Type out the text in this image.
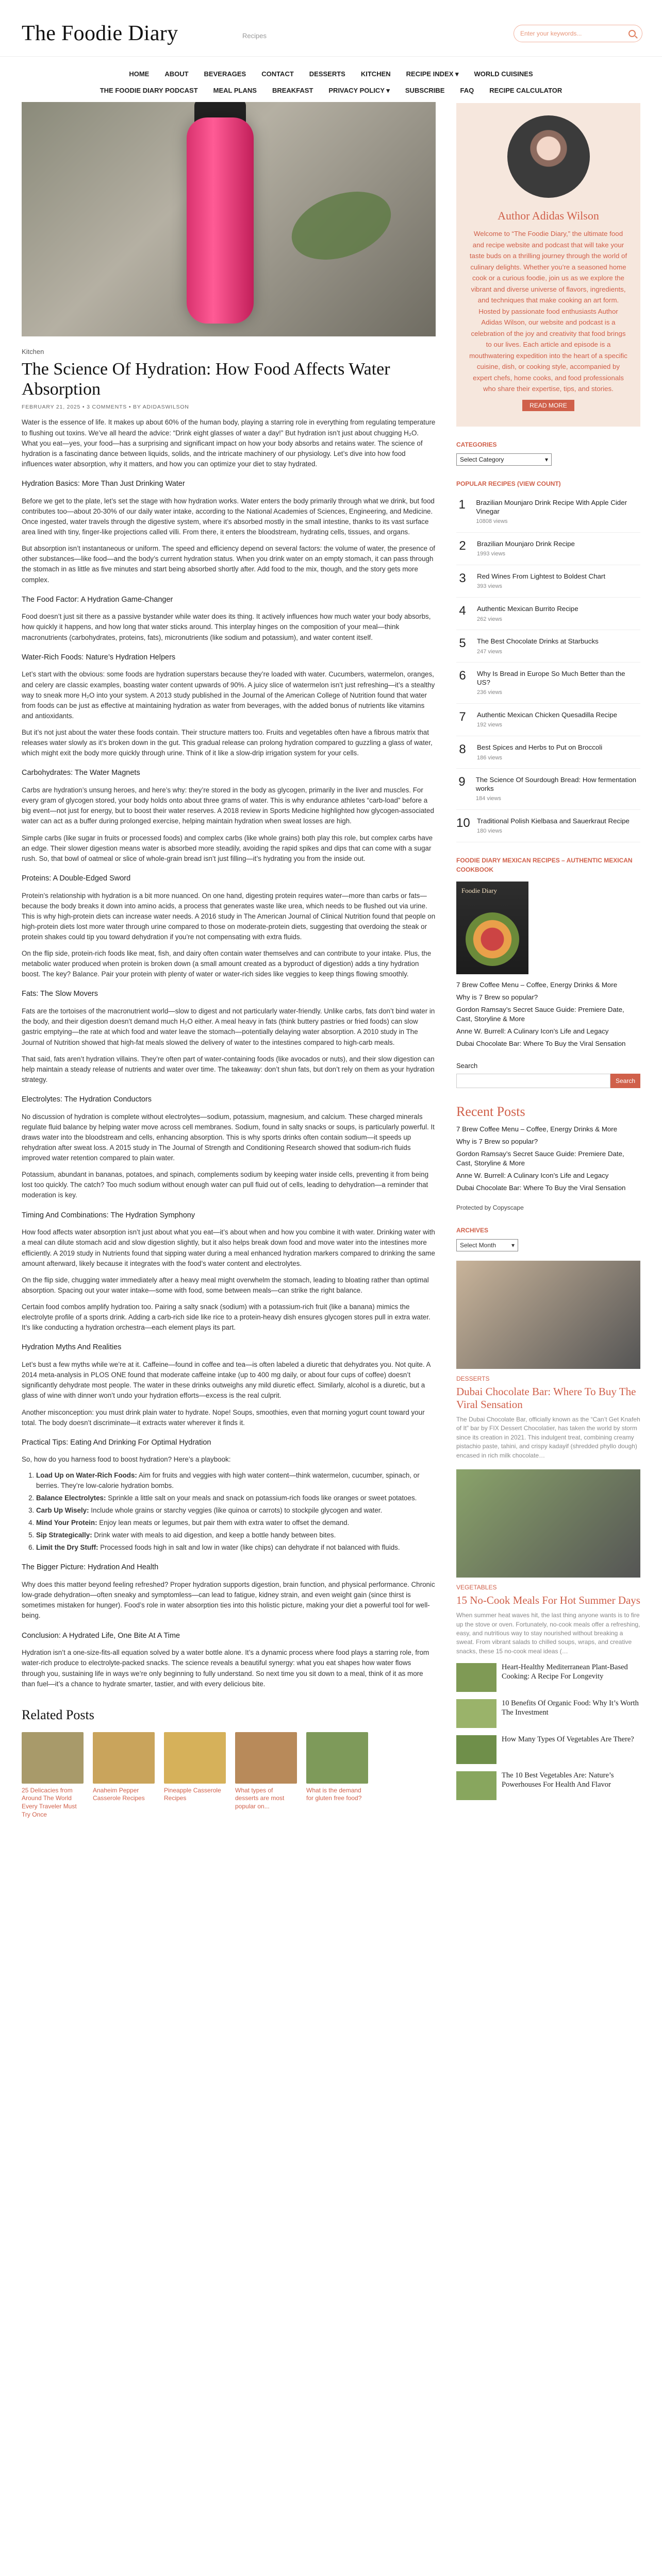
The Foodie Diary	Recipes
Enter your keywords...
HOME ABOUT BEVERAGES CONTACT DESSERTS KITCHEN RECIPE INDEX ▾ WORLD CUISINES
THE FOODIE DIARY PODCAST MEAL PLANS BREAKFAST PRIVACY POLICY ▾ SUBSCRIBE FAQ RECIPE CALCULATOR
Kitchen
The Science Of Hydration: How Food Affects Water Absorption
FEBRUARY 21, 2025 • 3 COMMENTS • BY ADIDASWILSON

Water is the essence of life. It makes up about 60% of the human body, playing a starring role in everything from regulating temperature to flushing out toxins. We’ve all heard the advice: “Drink eight glasses of water a day!” But hydration isn’t just about chugging H₂O. What you eat—yes, your food—has a surprising and significant impact on how your body absorbs and retains water. The science of hydration is a fascinating dance between liquids, solids, and the intricate machinery of our physiology. Let’s dive into how food influences water absorption, why it matters, and how you can optimize your diet to stay hydrated.

Hydration Basics: More Than Just Drinking Water

Before we get to the plate, let’s set the stage with how hydration works. Water enters the body primarily through what we drink, but food contributes too—about 20-30% of our daily water intake, according to the National Academies of Sciences, Engineering, and Medicine. Once ingested, water travels through the digestive system, where it’s absorbed mostly in the small intestine, thanks to its vast surface area lined with tiny, finger-like projections called villi. From there, it enters the bloodstream, hydrating cells, tissues, and organs.

But absorption isn’t instantaneous or uniform. The speed and efficiency depend on several factors: the volume of water, the presence of other substances—like food—and the body’s current hydration status. When you drink water on an empty stomach, it can pass through the stomach in as little as five minutes and start being absorbed shortly after. Add food to the mix, though, and the story gets more complex.

The Food Factor: A Hydration Game-Changer

Food doesn’t just sit there as a passive bystander while water does its thing. It actively influences how much water your body absorbs, how quickly it happens, and how long that water sticks around. This interplay hinges on the composition of your meal—think macronutrients (carbohydrates, proteins, fats), micronutrients (like sodium and potassium), and water content itself.

Water-Rich Foods: Nature’s Hydration Helpers

Let’s start with the obvious: some foods are hydration superstars because they’re loaded with water. Cucumbers, watermelon, oranges, and celery are classic examples, boasting water content upwards of 90%. A juicy slice of watermelon isn’t just refreshing—it’s a stealthy way to sneak more H₂O into your system. A 2013 study published in the Journal of the American College of Nutrition found that water from foods can be just as effective at maintaining hydration as water from beverages, with the added bonus of nutrients like vitamins and antioxidants.

But it’s not just about the water these foods contain. Their structure matters too. Fruits and vegetables often have a fibrous matrix that releases water slowly as it’s broken down in the gut. This gradual release can prolong hydration compared to guzzling a glass of water, which might exit the body more quickly through urine. Think of it like a slow-drip irrigation system for your cells.

Carbohydrates: The Water Magnets

Carbs are hydration’s unsung heroes, and here’s why: they’re stored in the body as glycogen, primarily in the liver and muscles. For every gram of glycogen stored, your body holds onto about three grams of water. This is why endurance athletes “carb-load” before a big event—not just for energy, but to boost their water reserves. A 2018 review in Sports Medicine highlighted how glycogen-associated water can act as a buffer during prolonged exercise, helping maintain hydration when sweat losses are high.

Simple carbs (like sugar in fruits or processed foods) and complex carbs (like whole grains) both play this role, but complex carbs have an edge. Their slower digestion means water is absorbed more steadily, avoiding the rapid spikes and dips that can come with a sugar rush. So, that bowl of oatmeal or slice of whole-grain bread isn’t just filling—it’s hydrating you from the inside out.

Proteins: A Double-Edged Sword

Protein’s relationship with hydration is a bit more nuanced. On one hand, digesting protein requires water—more than carbs or fats—because the body breaks it down into amino acids, a process that generates waste like urea, which needs to be flushed out via urine. This is why high-protein diets can increase water needs. A 2016 study in The American Journal of Clinical Nutrition found that people on high-protein diets lost more water through urine compared to those on moderate-protein diets, suggesting that overdoing the steak or protein shakes could tip you toward dehydration if you’re not compensating with extra fluids.

On the flip side, protein-rich foods like meat, fish, and dairy often contain water themselves and can contribute to your intake. Plus, the metabolic water produced when protein is broken down (a small amount created as a byproduct of digestion) adds a tiny hydration boost. The key? Balance. Pair your protein with plenty of water or water-rich sides like veggies to keep things flowing smoothly.

Fats: The Slow Movers

Fats are the tortoises of the macronutrient world—slow to digest and not particularly water-friendly. Unlike carbs, fats don’t bind water in the body, and their digestion doesn’t demand much H₂O either. A meal heavy in fats (think buttery pastries or fried foods) can slow gastric emptying—the rate at which food and water leave the stomach—potentially delaying water absorption. A 2010 study in The Journal of Nutrition showed that high-fat meals slowed the delivery of water to the intestines compared to high-carb meals.

That said, fats aren’t hydration villains. They’re often part of water-containing foods (like avocados or nuts), and their slow digestion can help maintain a steady release of nutrients and water over time. The takeaway: don’t shun fats, but don’t rely on them as your hydration strategy.

Electrolytes: The Hydration Conductors

No discussion of hydration is complete without electrolytes—sodium, potassium, magnesium, and calcium. These charged minerals regulate fluid balance by helping water move across cell membranes. Sodium, found in salty snacks or soups, is particularly powerful. It draws water into the bloodstream and cells, enhancing absorption. This is why sports drinks often contain sodium—it speeds up rehydration after sweat loss. A 2015 study in The Journal of Strength and Conditioning Research showed that sodium-rich fluids improved water retention compared to plain water.

Potassium, abundant in bananas, potatoes, and spinach, complements sodium by keeping water inside cells, preventing it from being lost too quickly. The catch? Too much sodium without enough water can pull fluid out of cells, leading to dehydration—a reminder that moderation is key.

Timing And Combinations: The Hydration Symphony

How food affects water absorption isn’t just about what you eat—it’s about when and how you combine it with water. Drinking water with a meal can dilute stomach acid and slow digestion slightly, but it also helps break down food and move water into the intestines more efficiently. A 2019 study in Nutrients found that sipping water during a meal enhanced hydration markers compared to drinking the same amount afterward, likely because it integrates with the food’s water content and electrolytes.

On the flip side, chugging water immediately after a heavy meal might overwhelm the stomach, leading to bloating rather than optimal absorption. Spacing out your water intake—some with food, some between meals—can strike the right balance.

Certain food combos amplify hydration too. Pairing a salty snack (sodium) with a potassium-rich fruit (like a banana) mimics the electrolyte profile of a sports drink. Adding a carb-rich side like rice to a protein-heavy dish ensures glycogen stores pull in extra water. It’s like conducting a hydration orchestra—each element plays its part.

Hydration Myths And Realities

Let’s bust a few myths while we’re at it. Caffeine—found in coffee and tea—is often labeled a diuretic that dehydrates you. Not quite. A 2014 meta-analysis in PLOS ONE found that moderate caffeine intake (up to 400 mg daily, or about four cups of coffee) doesn’t significantly dehydrate most people. The water in these drinks outweighs any mild diuretic effect. Similarly, alcohol is a diuretic, but a glass of wine with dinner won’t undo your hydration efforts—excess is the real culprit.

Another misconception: you must drink plain water to hydrate. Nope! Soups, smoothies, even that morning yogurt count toward your total. The body doesn’t discriminate—it extracts water wherever it finds it.

Practical Tips: Eating And Drinking For Optimal Hydration

So, how do you harness food to boost hydration? Here’s a playbook:

1. Load Up on Water-Rich Foods: Aim for fruits and veggies with high water content—think watermelon, cucumber, spinach, or berries. They’re low-calorie hydration bombs.
2. Balance Electrolytes: Sprinkle a little salt on your meals and snack on potassium-rich foods like oranges or sweet potatoes.
3. Carb Up Wisely: Include whole grains or starchy veggies (like quinoa or carrots) to stockpile glycogen and water.
4. Mind Your Protein: Enjoy lean meats or legumes, but pair them with extra water to offset the demand.
5. Sip Strategically: Drink water with meals to aid digestion, and keep a bottle handy between bites.
6. Limit the Dry Stuff: Processed foods high in salt and low in water (like chips) can dehydrate if not balanced with fluids.
The Bigger Picture: Hydration And Health

Why does this matter beyond feeling refreshed? Proper hydration supports digestion, brain function, and physical performance. Chronic low-grade dehydration—often sneaky and symptomless—can lead to fatigue, kidney strain, and even weight gain (since thirst is sometimes mistaken for hunger). Food’s role in water absorption ties into this holistic picture, making your diet a powerful tool for well-being.

Conclusion: A Hydrated Life, One Bite At A Time

Hydration isn’t a one-size-fits-all equation solved by a water bottle alone. It’s a dynamic process where food plays a starring role, from water-rich produce to electrolyte-packed snacks. The science reveals a beautiful synergy: what you eat shapes how water flows through you, sustaining life in ways we’re only beginning to fully understand. So next time you sit down to a meal, think of it as more than fuel—it’s a chance to hydrate smarter, tastier, and with every delicious bite.

Related Posts
25 Delicacies from Around The World Every Traveler Must Try Once
Anaheim Pepper Casserole Recipes
Pineapple Casserole Recipes
What types of desserts are most popular on...
What is the demand for gluten free food?
Author Adidas Wilson
Welcome to “The Foodie Diary,” the ultimate food and recipe website and podcast that will take your taste buds on a thrilling journey through the world of culinary delights. Whether you’re a seasoned home cook or a curious foodie, join us as we explore the vibrant and diverse universe of flavors, ingredients, and techniques that make cooking an art form. Hosted by passionate food enthusiasts Author Adidas Wilson, our website and podcast is a celebration of the joy and creativity that food brings to our lives. Each article and episode is a mouthwatering expedition into the heart of a specific cuisine, dish, or cooking style, accompanied by expert chefs, home cooks, and food professionals who share their expertise, tips, and stories.
READ MORE
CATEGORIES
Select Category	▾
POPULAR RECIPES (VIEW COUNT)
1	Brazilian Mounjaro Drink Recipe With Apple Cider Vinegar
10808 views
2	Brazilian Mounjaro Drink Recipe
1993 views
3	Red Wines From Lightest to Boldest Chart
393 views
4	Authentic Mexican Burrito Recipe
262 views
5	The Best Chocolate Drinks at Starbucks
247 views
6	Why Is Bread in Europe So Much Better than the US?
236 views
7	Authentic Mexican Chicken Quesadilla Recipe
192 views
8	Best Spices and Herbs to Put on Broccoli
186 views
9	The Science Of Sourdough Bread: How fermentation works
184 views
10 Traditional Polish Kielbasa and Sauerkraut Recipe
180 views
FOODIE DIARY MEXICAN RECIPES – AUTHENTIC MEXICAN COOKBOOK
Foodie Diary
7 Brew Coffee Menu – Coffee, Energy Drinks & More
Why is 7 Brew so popular?
Gordon Ramsay’s Secret Sauce Guide: Premiere Date, Cast, Storyline & More
Anne W. Burrell: A Culinary Icon’s Life and Legacy
Dubai Chocolate Bar: Where To Buy the Viral Sensation
Search
Search
Recent Posts
7 Brew Coffee Menu – Coffee, Energy Drinks & More
Why is 7 Brew so popular?
Gordon Ramsay’s Secret Sauce Guide: Premiere Date, Cast, Storyline & More
Anne W. Burrell: A Culinary Icon’s Life and Legacy
Dubai Chocolate Bar: Where To Buy the Viral Sensation
Protected by Copyscape
ARCHIVES
Select Month ▾
DESSERTS
Dubai Chocolate Bar: Where To Buy The Viral Sensation
The Dubai Chocolate Bar, officially known as the “Can’t Get Knafeh of It” bar by FIX Dessert Chocolatier, has taken the world by storm since its creation in 2021. This indulgent treat, combining creamy pistachio paste, tahini, and crispy kadayif (shredded phyllo dough) encased in rich milk chocolate…
VEGETABLES
15 No-Cook Meals For Hot Summer Days
When summer heat waves hit, the last thing anyone wants is to fire up the stove or oven. Fortunately, no-cook meals offer a refreshing, easy, and nutritious way to stay nourished without breaking a sweat. From vibrant salads to chilled soups, wraps, and creative snacks, these 15 no-cook meal ideas (…
Heart-Healthy Mediterranean Plant-Based Cooking: A Recipe For Longevity
10 Benefits Of Organic Food: Why It’s Worth The Investment
How Many Types Of Vegetables Are There?
The 10 Best Vegetables Are: Nature’s Powerhouses For Health And Flavor
